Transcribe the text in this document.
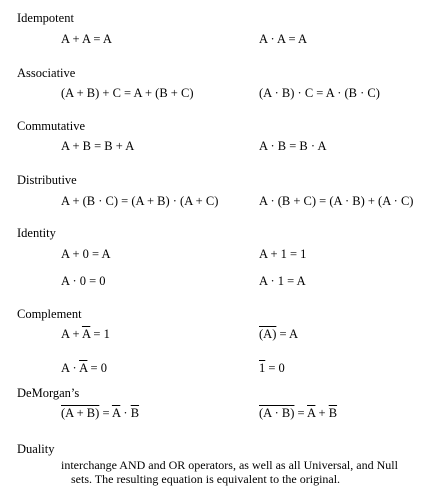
Idempotent
A + A = A	A · A = A
Associative
(A + B) + C = A + (B + C)	(A · B) · C = A · (B · C)
Commutative
A + B = B + A	A · B = B · A
Distributive
A + (B · C) = (A + B) · (A + C)	A · (B + C) = (A · B) + (A · C)
Identity
A + 0 = A	A + 1 = 1
A · 0 = 0	A · 1 = A
Complement
$A + \overline{A} = 1$	(A) = A
$A \cdot \overline{A} = 0$	1 = 0
DeMorgan’s
$(A + B) = \overline{A} \cdot \overline{B}$	$(A \cdot B) = \overline{A} + \overline{B}$
Duality
interchange AND and OR operators, as well as all Universal, and Null
sets. The resulting equation is equivalent to the original.
